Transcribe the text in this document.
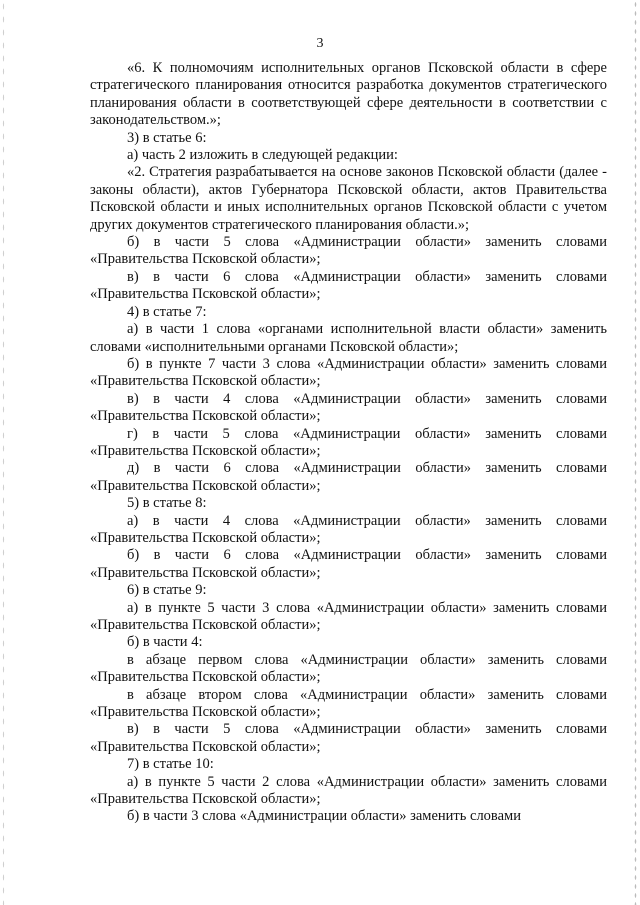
3

«6. К полномочиям исполнительных органов Псковской области в сфере стратегического планирования относится разработка документов стратегического планирования области в соответствующей сфере деятельности в соответствии с законодательством.»;

3) в статье 6:

а) часть 2 изложить в следующей редакции:

«2. Стратегия разрабатывается на основе законов Псковской области (далее - законы области), актов Губернатора Псковской области, актов Правительства Псковской области и иных исполнительных органов Псковской области с учетом других документов стратегического планирования области.»;

б) в части 5 слова «Администрации области» заменить словами «Правительства Псковской области»;

в) в части 6 слова «Администрации области» заменить словами «Правительства Псковской области»;

4) в статье 7:

а) в части 1 слова «органами исполнительной власти области» заменить словами «исполнительными органами Псковской области»;

б) в пункте 7 части 3 слова «Администрации области» заменить словами «Правительства Псковской области»;

в) в части 4 слова «Администрации области» заменить словами «Правительства Псковской области»;

г) в части 5 слова «Администрации области» заменить словами «Правительства Псковской области»;

д) в части 6 слова «Администрации области» заменить словами «Правительства Псковской области»;

5) в статье 8:

а) в части 4 слова «Администрации области» заменить словами «Правительства Псковской области»;

б) в части 6 слова «Администрации области» заменить словами «Правительства Псковской области»;

6) в статье 9:

а) в пункте 5 части 3 слова «Администрации области» заменить словами «Правительства Псковской области»;

б) в части 4:

в абзаце первом слова «Администрации области» заменить словами «Правительства Псковской области»;

в абзаце втором слова «Администрации области» заменить словами «Правительства Псковской области»;

в) в части 5 слова «Администрации области» заменить словами «Правительства Псковской области»;

7) в статье 10:

а) в пункте 5 части 2 слова «Администрации области» заменить словами «Правительства Псковской области»;

б) в части 3 слова «Администрации области» заменить словами
